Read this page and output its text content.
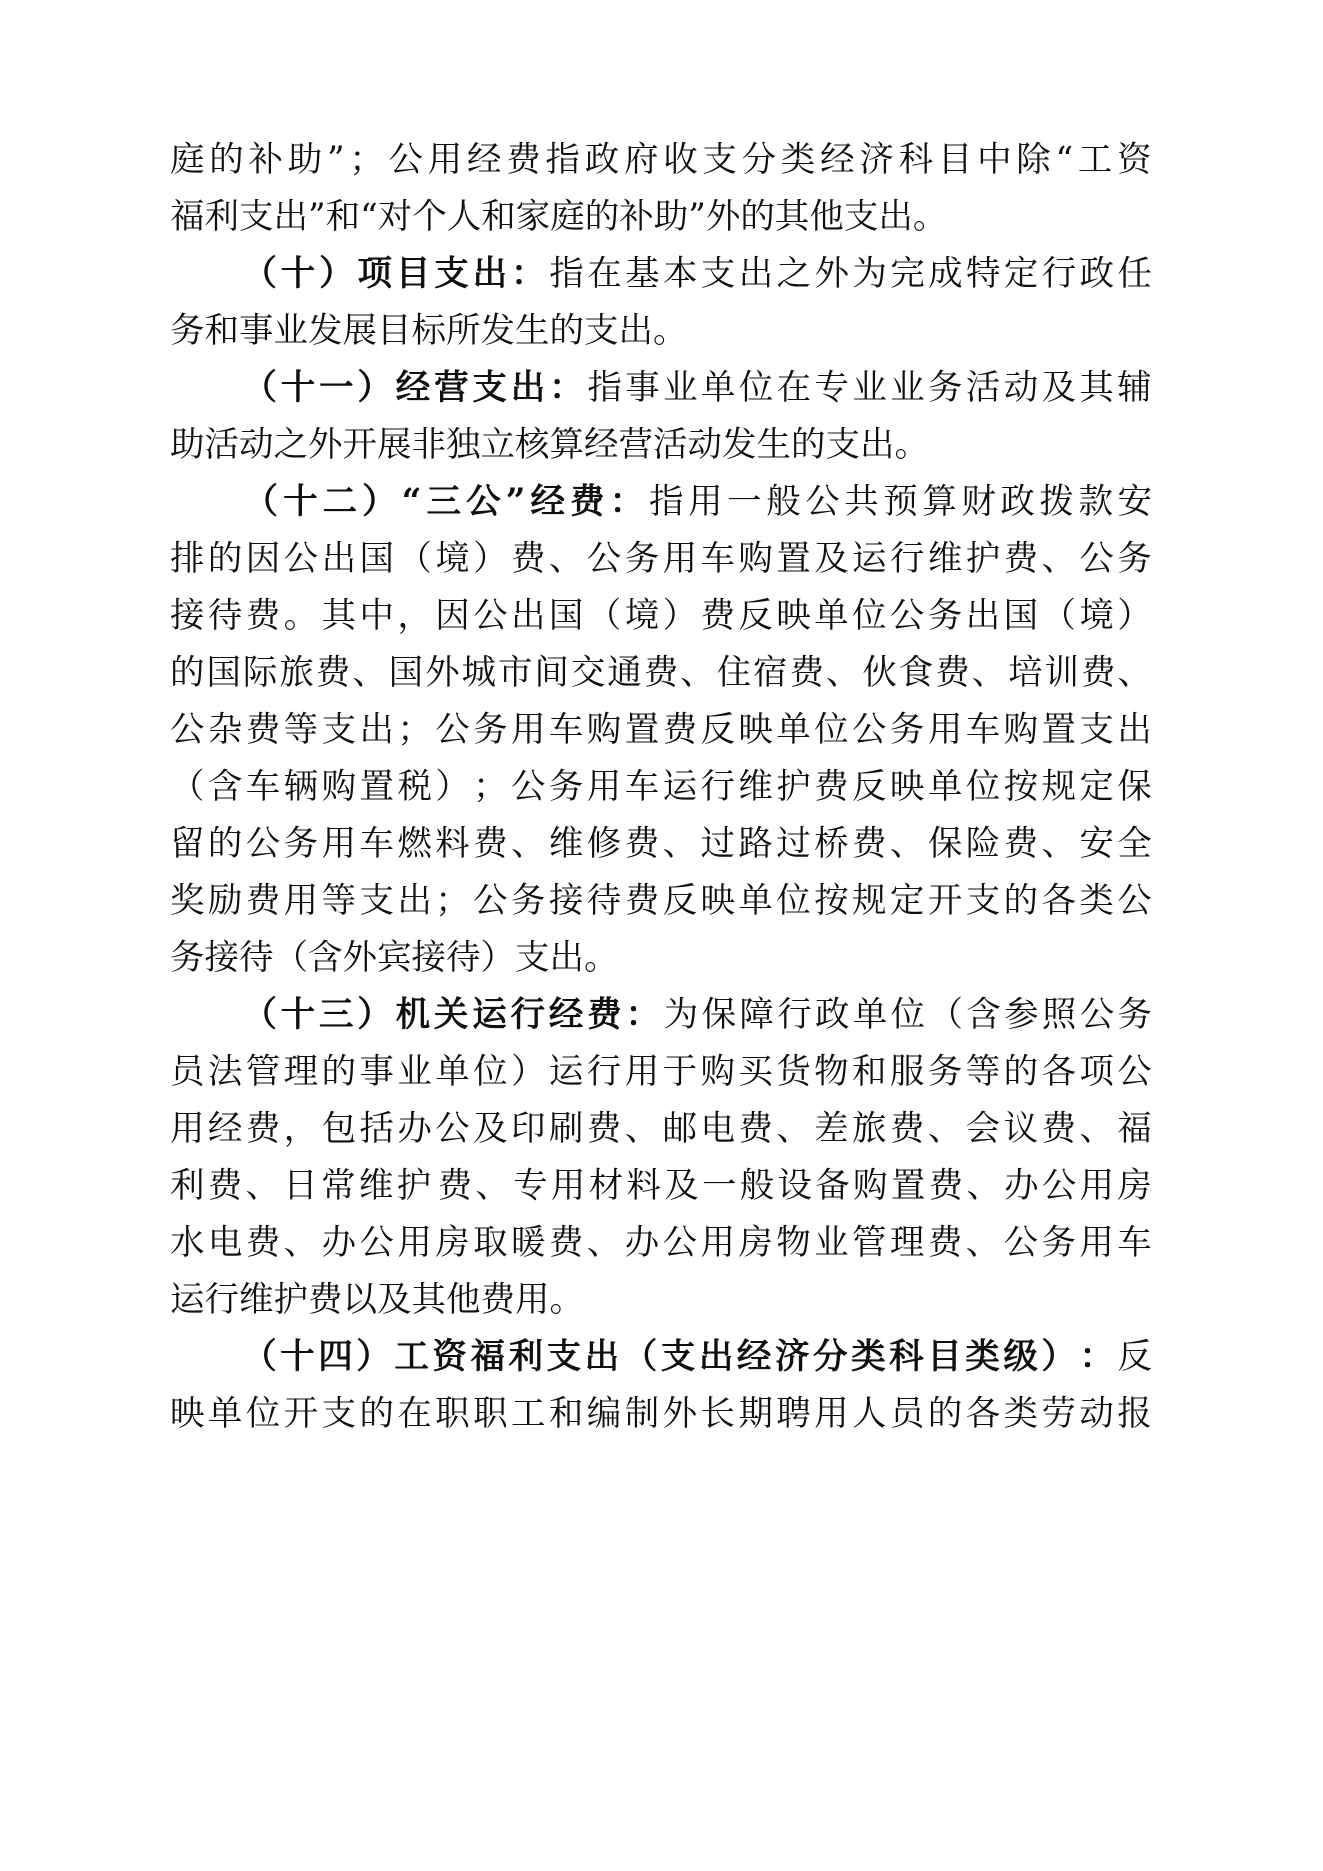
庭 的 补 助 ” ； 公 用 经 费 指 政 府 收 支 分 类 经 济 科 目 中 除 “ 工 资
福利支出”和“对个人和家庭的补助”外的其他支出。
（ 十 ） 项 目 支 出 ： 指 在 基 本 支 出 之 外 为 完 成 特 定 行 政 任
务和事业发展目标所发生的支出。
（ 十 一 ） 经 营 支 出 ： 指 事 业 单 位 在 专 业 业 务 活 动 及 其 辅
助活动之外开展非独立核算经营活动发生的支出。
（ 十 二 ） “ 三 公 ” 经 费 ： 指 用 一 般 公 共 预 算 财 政 拨 款 安
排 的 因 公 出 国 （ 境 ） 费 、 公 务 用 车 购 置 及 运 行 维 护 费 、 公 务
接 待 费 。 其 中 ， 因 公 出 国 （ 境 ） 费 反 映 单 位 公 务 出 国 （ 境 ）
的 国 际 旅 费 、 国 外 城 市 间 交 通 费 、 住 宿 费 、 伙 食 费 、 培 训 费 、
公 杂 费 等 支 出 ； 公 务 用 车 购 置 费 反 映 单 位 公 务 用 车 购 置 支 出
（ 含 车 辆 购 置 税 ） ； 公 务 用 车 运 行 维 护 费 反 映 单 位 按 规 定 保
留 的 公 务 用 车 燃 料 费 、 维 修 费 、 过 路 过 桥 费 、 保 险 费 、 安 全
奖 励 费 用 等 支 出 ； 公 务 接 待 费 反 映 单 位 按 规 定 开 支 的 各 类 公
务接待（含外宾接待）支出。
（ 十 三 ） 机 关 运 行 经 费 ： 为 保 障 行 政 单 位 （ 含 参 照 公 务
员 法 管 理 的 事 业 单 位 ） 运 行 用 于 购 买 货 物 和 服 务 等 的 各 项 公
用 经 费 ， 包 括 办 公 及 印 刷 费 、 邮 电 费 、 差 旅 费 、 会 议 费 、 福
利 费 、 日 常 维 护 费 、 专 用 材 料 及 一 般 设 备 购 置 费 、 办 公 用 房
水 电 费 、 办 公 用 房 取 暖 费 、 办 公 用 房 物 业 管 理 费 、 公 务 用 车
运行维护费以及其他费用。
（ 十 四 ） 工 资 福 利 支 出 （ 支 出 经 济 分 类 科 目 类 级 ） ： 反
映 单 位 开 支 的 在 职 职 工 和 编 制 外 长 期 聘 用 人 员 的 各 类 劳 动 报
